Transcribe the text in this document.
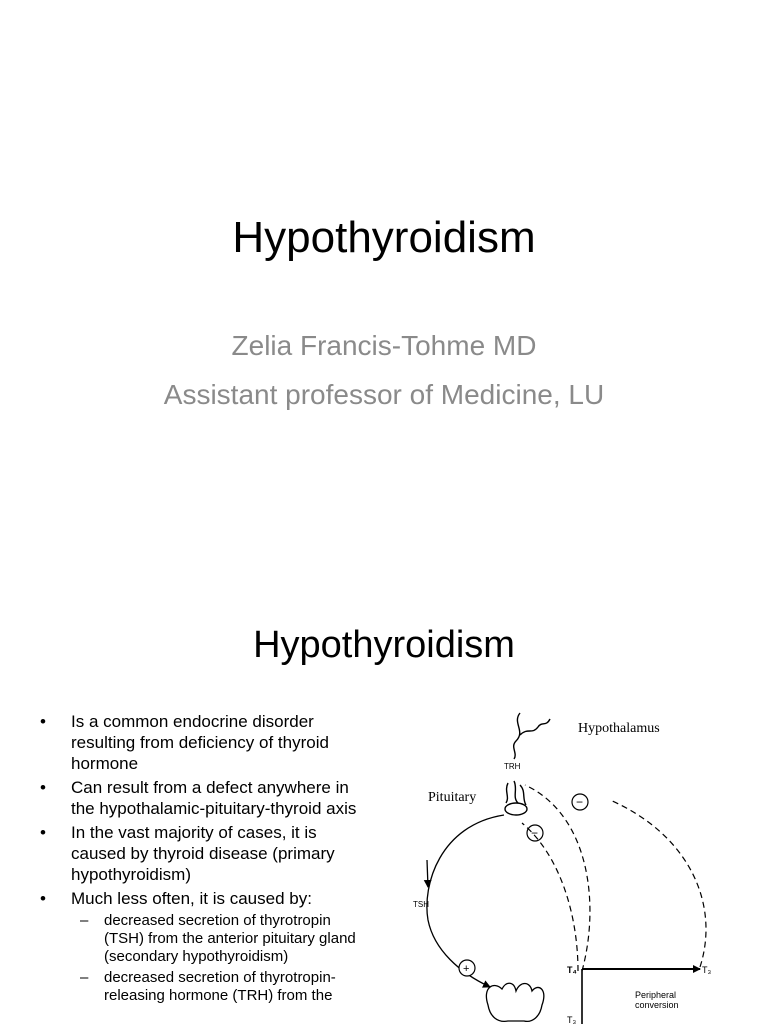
Hypothyroidism
Zelia Francis-Tohme MD
Assistant professor of Medicine, LU
Hypothyroidism
• Is a common endocrine disorder resulting from deficiency of thyroid hormone
• Can result from a defect anywhere in the hypothalamic-pituitary-thyroid axis
• In the vast majority of cases, it is caused by thyroid disease (primary hypothyroidism)
• Much less often, it is caused by:
– decreased secretion of thyrotropin (TSH) from the anterior pituitary gland (secondary hypothyroidism)
– decreased secretion of thyrotropin-releasing hormone (TRH) from the
Hypothalamus
TRH
Pituitary	−
−
TSH
+	T₄	T₃
T₃
Peripheral
conversion
